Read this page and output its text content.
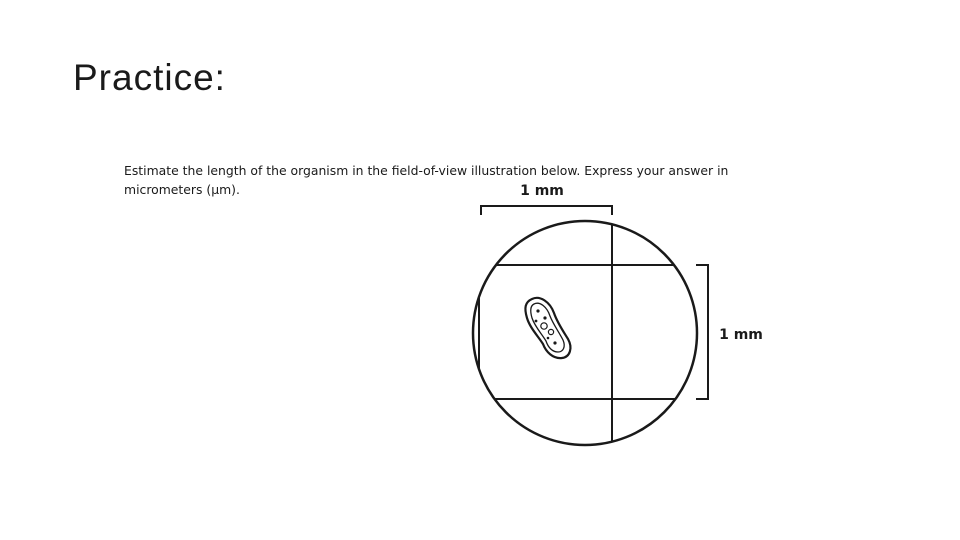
Practice:
Estimate the length of the organism in the field-of-view illustration below. Express your answer in
micrometers (µm).	1 mm
1 mm
